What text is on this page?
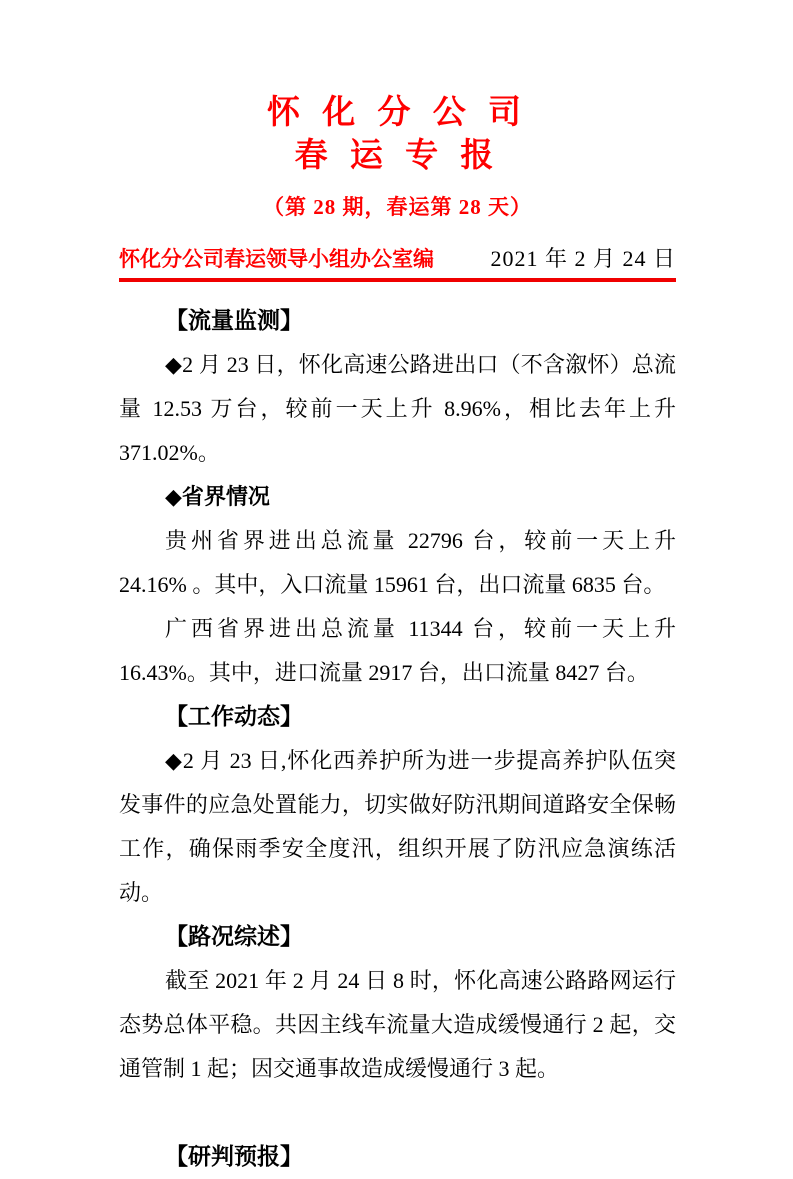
怀 化 分 公 司
春 运 专 报
（第 28 期，春运第 28 天）
怀化分公司春运领导小组办公室编	2021 年 2 月 24 日
【流量监测】

◆2 月 23 日，怀化高速公路进出口（不含溆怀）总流量 12.53 万台，较前一天上升 8.96%，相比去年上升 371.02%。

◆省界情况

贵州省界进出总流量 22796 台，较前一天上升 24.16% 。其中，入口流量 15961 台，出口流量 6835 台。

广西省界进出总流量 11344 台，较前一天上升 16.43%。其中，进口流量 2917 台，出口流量 8427 台。

【工作动态】

◆2 月 23 日,怀化西养护所为进一步提高养护队伍突发事件的应急处置能力，切实做好防汛期间道路安全保畅工作，确保雨季安全度汛，组织开展了防汛应急演练活动。

【路况综述】

截至 2021 年 2 月 24 日 8 时，怀化高速公路路网运行态势总体平稳。共因主线车流量大造成缓慢通行 2 起，交通管制 1 起；因交通事故造成缓慢通行 3 起。

【研判预报】
